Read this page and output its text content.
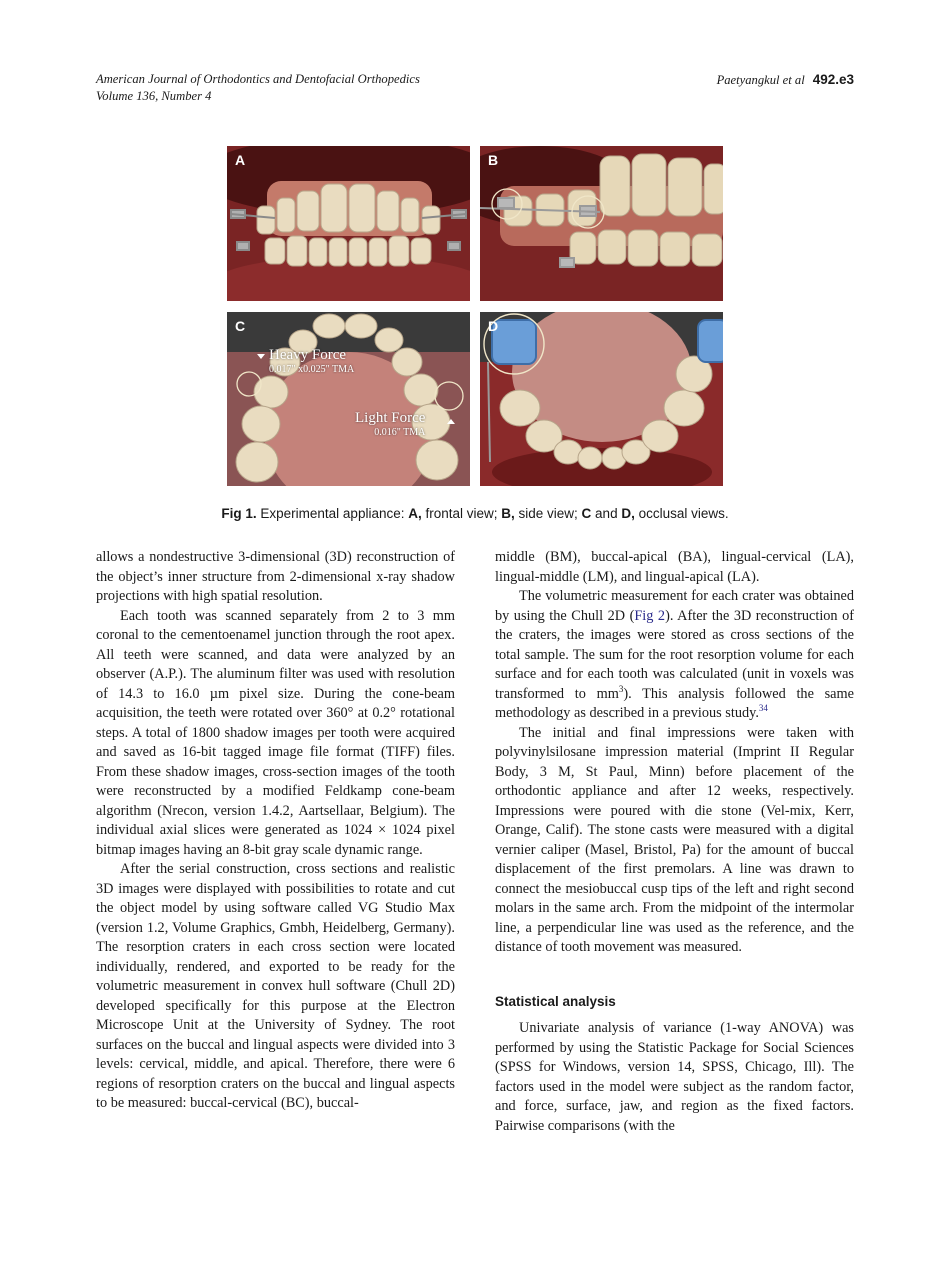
American Journal of Orthodontics and Dentofacial Orthopedics
Volume 136, Number 4
Paetyangkul et al 492.e3
A	B
C
Heavy Force
0.017" x0.025" TMA
Light Force
0.016" TMA
D
Fig 1. Experimental appliance: A, frontal view; B, side view; C and D, occlusal views.

allows a nondestructive 3-dimensional (3D) reconstruction of the object’s inner structure from 2-dimensional x-ray shadow projections with high spatial resolution.

Each tooth was scanned separately from 2 to 3 mm coronal to the cementoenamel junction through the root apex. All teeth were scanned, and data were analyzed by an observer (A.P.). The aluminum filter was used with resolution of 14.3 to 16.0 µm pixel size. During the cone-beam acquisition, the teeth were rotated over 360° at 0.2° rotational steps. A total of 1800 shadow images per tooth were acquired and saved as 16-bit tagged image file format (TIFF) files. From these shadow images, cross-section images of the tooth were reconstructed by a modified Feldkamp cone-beam algorithm (Nrecon, version 1.4.2, Aartsellaar, Belgium). The individual axial slices were generated as 1024 × 1024 pixel bitmap images having an 8-bit gray scale dynamic range.

After the serial construction, cross sections and realistic 3D images were displayed with possibilities to rotate and cut the object model by using software called VG Studio Max (version 1.2, Volume Graphics, Gmbh, Heidelberg, Germany). The resorption craters in each cross section were located individually, rendered, and exported to be ready for the volumetric measurement in convex hull software (Chull 2D) developed specifically for this purpose at the Electron Microscope Unit at the University of Sydney. The root surfaces on the buccal and lingual aspects were divided into 3 levels: cervical, middle, and apical. Therefore, there were 6 regions of resorption craters on the buccal and lingual aspects to be measured: buccal-cervical (BC), buccal-

middle (BM), buccal-apical (BA), lingual-cervical (LA), lingual-middle (LM), and lingual-apical (LA).

The volumetric measurement for each crater was obtained by using the Chull 2D (Fig 2). After the 3D reconstruction of the craters, the images were stored as cross sections of the total sample. The sum for the root resorption volume for each surface and for each tooth was calculated (unit in voxels was transformed to $mm^3$). This analysis followed the same methodology as described in a previous study.$^{34}$

The initial and final impressions were taken with polyvinylsilosane impression material (Imprint II Regular Body, 3 M, St Paul, Minn) before placement of the orthodontic appliance and after 12 weeks, respectively. Impressions were poured with die stone (Vel-mix, Kerr, Orange, Calif). The stone casts were measured with a digital vernier caliper (Masel, Bristol, Pa) for the amount of buccal displacement of the first premolars. A line was drawn to connect the mesiobuccal cusp tips of the left and right second molars in the same arch. From the midpoint of the intermolar line, a perpendicular line was used as the reference, and the distance of tooth movement was measured.

Statistical analysis

Univariate analysis of variance (1-way ANOVA) was performed by using the Statistic Package for Social Sciences (SPSS for Windows, version 14, SPSS, Chicago, Ill). The factors used in the model were subject as the random factor, and force, surface, jaw, and region as the fixed factors. Pairwise comparisons (with the
